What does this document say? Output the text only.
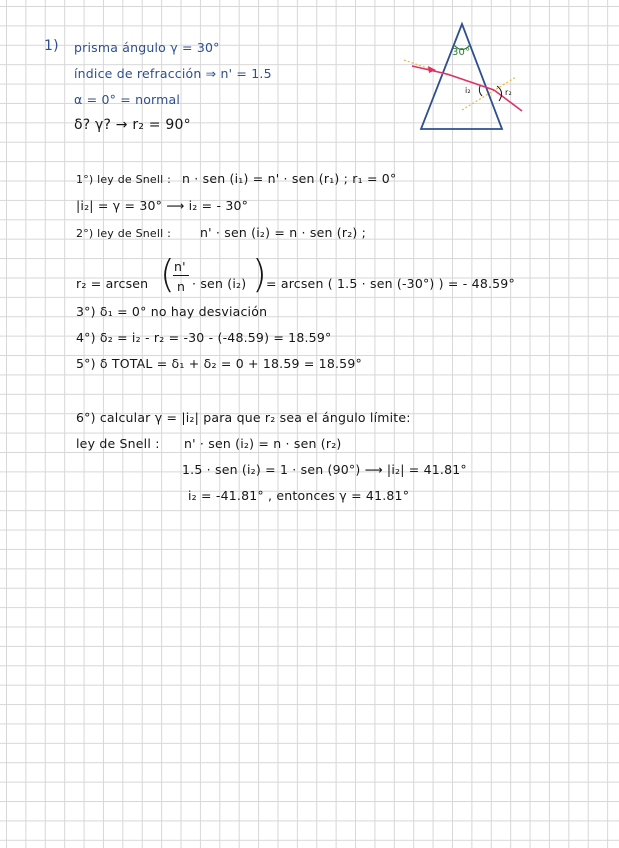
1) prisma ángulo γ = 30°
índice de refracción ⇒ n' = 1.5
α = 0° = normal
δ? γ? → r₂ = 90°
30°
i₂	r₂
1°) ley de Snell : n · sen (i₁) = n' · sen (r₁) ; r₁ = 0°
|i₂| = γ = 30° ⟶ i₂ = - 30°
2°) ley de Snell : n' · sen (i₂) = n · sen (r₂) ;
r₂ = arcsen (
n'
n · sen (i₂) )
= arcsen ( 1.5 · sen (-30°) ) = - 48.59°
3°) δ₁ = 0° no hay desviación
4°) δ₂ = i₂ - r₂ = -30 - (-48.59) = 18.59°
5°) δ TOTAL = δ₁ + δ₂ = 0 + 18.59 = 18.59°
6°) calcular γ = |i₂| para que r₂ sea el ángulo límite:
ley de Snell : n' · sen (i₂) = n · sen (r₂)
1.5 · sen (i₂) = 1 · sen (90°) ⟶ |i₂| = 41.81°
i₂ = -41.81° , entonces γ = 41.81°
